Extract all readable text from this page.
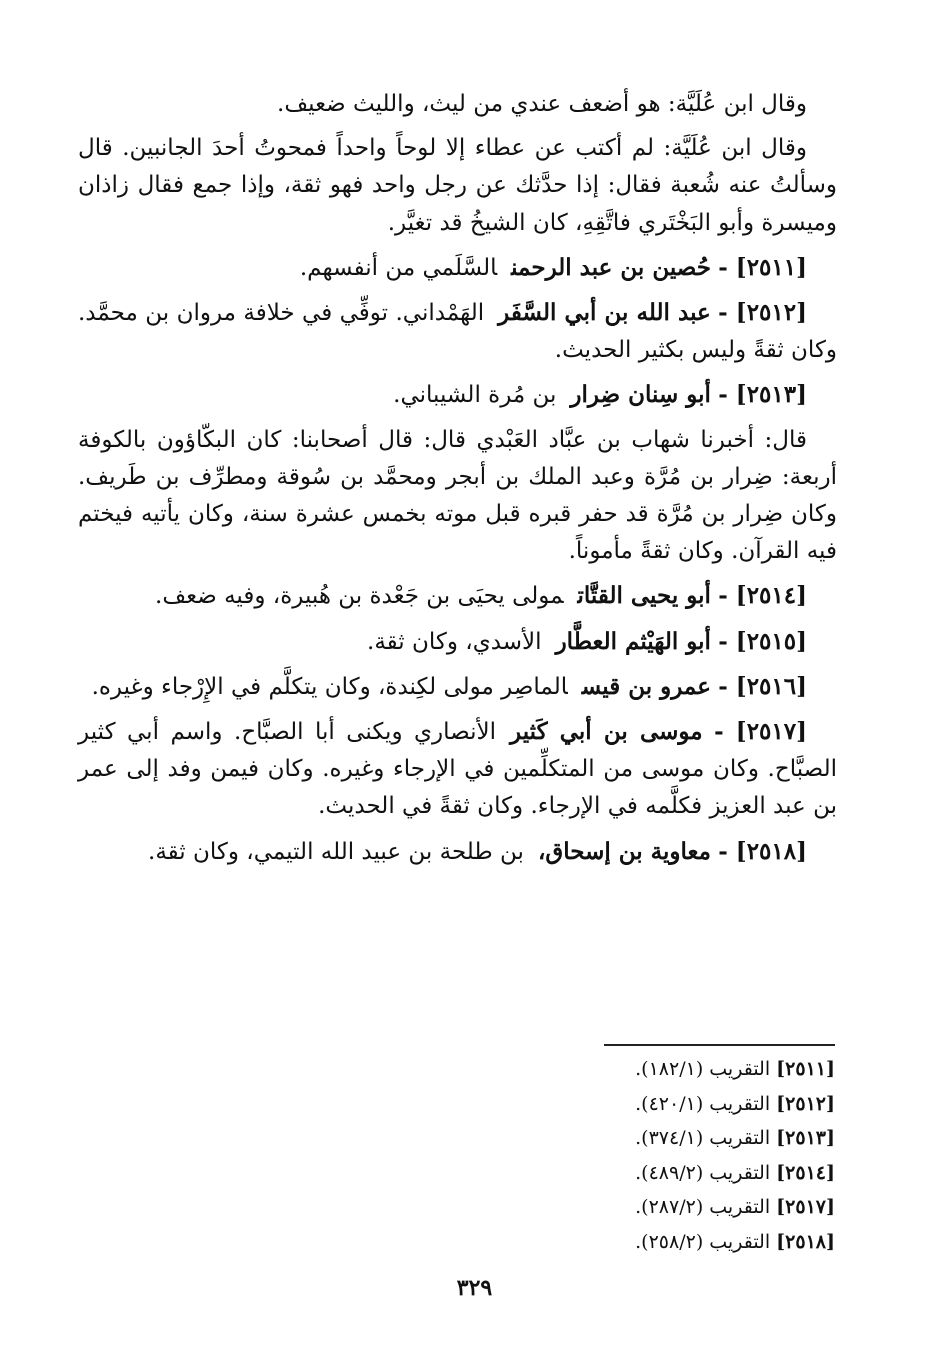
وقال ابن عُلَيَّة: هو أضعف عندي من ليث، والليث ضعيف.

وقال ابن عُلَيَّة: لم أكتب عن عطاء إلا لوحاً واحداً فمحوتُ أحدَ الجانبين. قال وسألتُ عنه شُعبة فقال: إذا حدَّثك عن رجل واحد فهو ثقة، وإذا جمع فقال زاذان وميسرة وأبو البَخْتَري فاتَّقِهِ، كان الشيخُ قد تغيَّر.

[٢٥١١] - حُصين بن عبد الرحمنالسَّلَمي من أنفسهم.

[٢٥١٢] - عبد الله بن أبي السَّفَرالهَمْداني. توفِّي في خلافة مروان بن محمَّد. وكان ثقةً وليس بكثير الحديث.

[٢٥١٣] - أبو سِنان ضِراربن مُرة الشيباني.

قال: أخبرنا شهاب بن عبَّاد العَبْدي قال: قال أصحابنا: كان البكّاؤون بالكوفة أربعة: ضِرار بن مُرَّة وعبد الملك بن أبجر ومحمَّد بن سُوقة ومطرِّف بن طَريف. وكان ضِرار بن مُرَّة قد حفر قبره قبل موته بخمس عشرة سنة، وكان يأتيه فيختم فيه القرآن. وكان ثقةً مأموناً.

[٢٥١٤] - أبو يحيى القتَّاتمولى يحيَى بن جَعْدة بن هُبيرة، وفيه ضعف.

[٢٥١٥] - أبو الهَيْثم العطَّارالأسدي، وكان ثقة.

[٢٥١٦] - عمرو بن قيسالماصِر مولى لكِندة، وكان يتكلَّم في الإِرْجاء وغيره.

[٢٥١٧] - موسى بن أبي كَثيرالأنصاري ويكنى أبا الصبَّاح. واسم أبي كثير الصبَّاح. وكان موسى من المتكلِّمين في الإرجاء وغيره. وكان فيمن وفد إلى عمر بن عبد العزيز فكلَّمه في الإرجاء. وكان ثقةً في الحديث.

[٢٥١٨] - معاوية بن إسحاق،بن طلحة بن عبيد الله التيمي، وكان ثقة.

[٢٥١١] التقريب (١٨٢/١).
[٢٥١٢] التقريب (٤٢٠/١).
[٢٥١٣] التقريب (٣٧٤/١).
[٢٥١٤] التقريب (٤٨٩/٢).
[٢٥١٧] التقريب (٢٨٧/٢).
[٢٥١٨] التقريب (٢٥٨/٢).
٣٢٩
